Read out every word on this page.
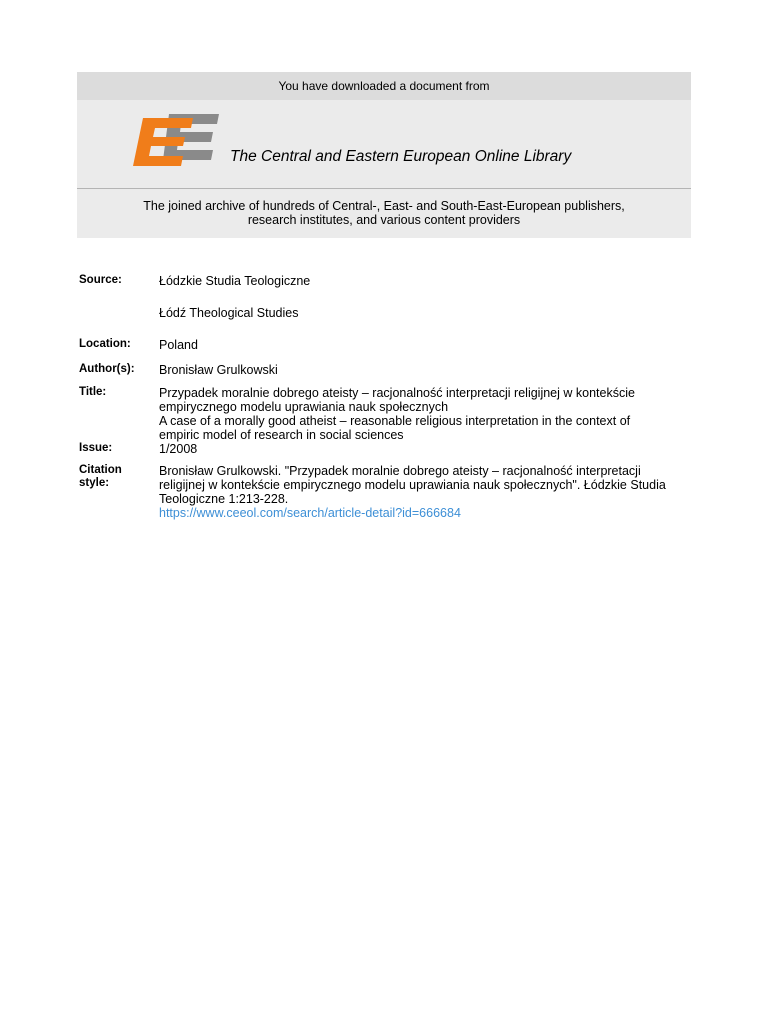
You have downloaded a document from
The Central and Eastern European Online Library
The joined archive of hundreds of Central-, East- and South-East-European publishers,
research institutes, and various content providers
Source:	Łódzkie Studia Teologiczne
Łódź Theological Studies
Location:	Poland
Author(s):	Bronisław Grulkowski
Title:	Przypadek moralnie dobrego ateisty – racjonalność interpretacji religijnej w kontekście
empirycznego modelu uprawiania nauk społecznych
A case of a morally good atheist – reasonable religious interpretation in the context of
empiric model of research in social sciences
Issue:	1/2008
Citation
style:
Bronisław Grulkowski. "Przypadek moralnie dobrego ateisty – racjonalność interpretacji
religijnej w kontekście empirycznego modelu uprawiania nauk społecznych". Łódzkie Studia
Teologiczne 1:213-228.
https://www.ceeol.com/search/article-detail?id=666684
